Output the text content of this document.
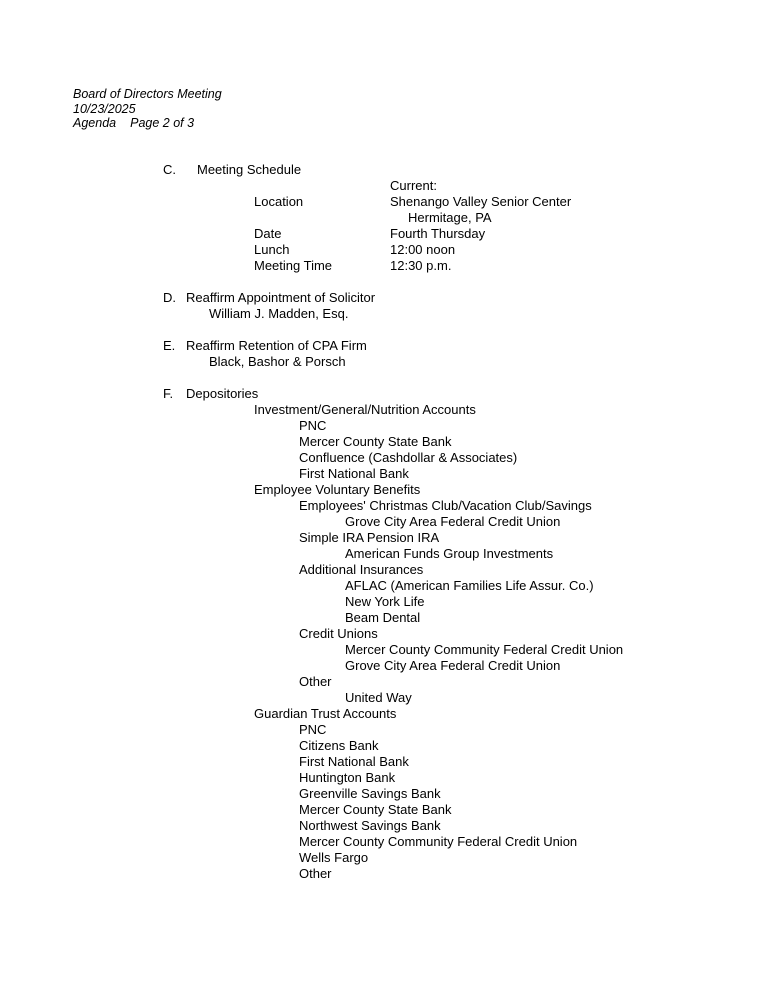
Board of Directors Meeting
10/23/2025
Agenda Page 2 of 3
C. Meeting Schedule
Current:
Location	Shenango Valley Senior Center
Hermitage, PA
Date	Fourth Thursday
Lunch	12:00 noon
Meeting Time	12:30 p.m.
D. Reaffirm Appointment of Solicitor
William J. Madden, Esq.
E. Reaffirm Retention of CPA Firm
Black, Bashor & Porsch
F. Depositories
Investment/General/Nutrition Accounts
PNC
Mercer County State Bank
Confluence (Cashdollar & Associates)
First National Bank
Employee Voluntary Benefits
Employees' Christmas Club/Vacation Club/Savings
Grove City Area Federal Credit Union
Simple IRA Pension IRA
American Funds Group Investments
Additional Insurances
AFLAC (American Families Life Assur. Co.)
New York Life
Beam Dental
Credit Unions
Mercer County Community Federal Credit Union
Grove City Area Federal Credit Union
Other
United Way
Guardian Trust Accounts
PNC
Citizens Bank
First National Bank
Huntington Bank
Greenville Savings Bank
Mercer County State Bank
Northwest Savings Bank
Mercer County Community Federal Credit Union
Wells Fargo
Other
